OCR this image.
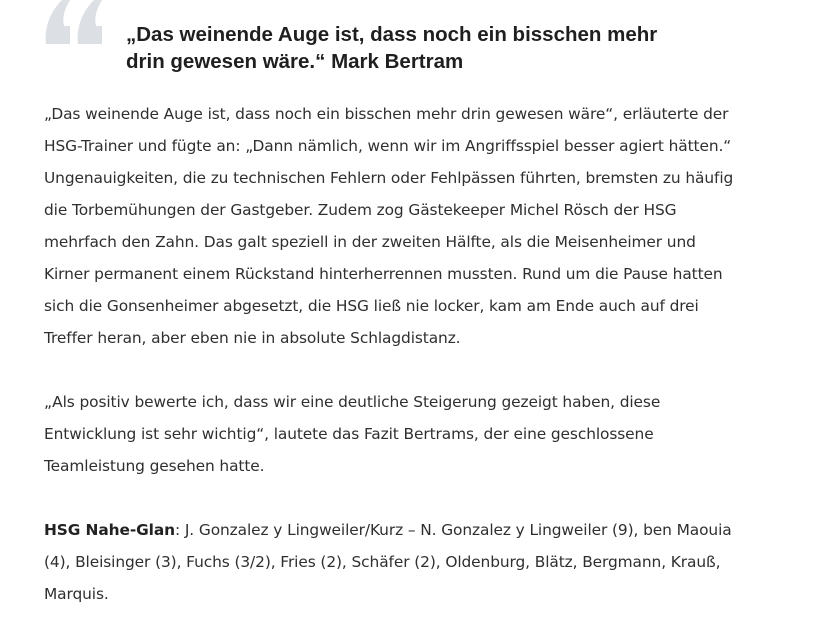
„Das weinende Auge ist, dass noch ein bisschen mehr drin gewesen wäre.“ Mark Bertram

„Das weinende Auge ist, dass noch ein bisschen mehr drin gewesen wäre“, erläuterte der HSG-Trainer und fügte an: „Dann nämlich, wenn wir im Angriffsspiel besser agiert hätten.“ Ungenauigkeiten, die zu technischen Fehlern oder Fehlpässen führten, bremsten zu häufig die Torbemühungen der Gastgeber. Zudem zog Gästekeeper Michel Rösch der HSG mehrfach den Zahn. Das galt speziell in der zweiten Hälfte, als die Meisenheimer und Kirner permanent einem Rückstand hinterherrennen mussten. Rund um die Pause hatten sich die Gonsenheimer abgesetzt, die HSG ließ nie locker, kam am Ende auch auf drei Treffer heran, aber eben nie in absolute Schlagdistanz.

„Als positiv bewerte ich, dass wir eine deutliche Steigerung gezeigt haben, diese Entwicklung ist sehr wichtig“, lautete das Fazit Bertrams, der eine geschlossene Teamleistung gesehen hatte.

HSG Nahe-Glan: J. Gonzalez y Lingweiler/Kurz – N. Gonzalez y Lingweiler (9), ben Maouia (4), Bleisinger (3), Fuchs (3/2), Fries (2), Schäfer (2), Oldenburg, Blätz, Bergmann, Krauß, Marquis.
